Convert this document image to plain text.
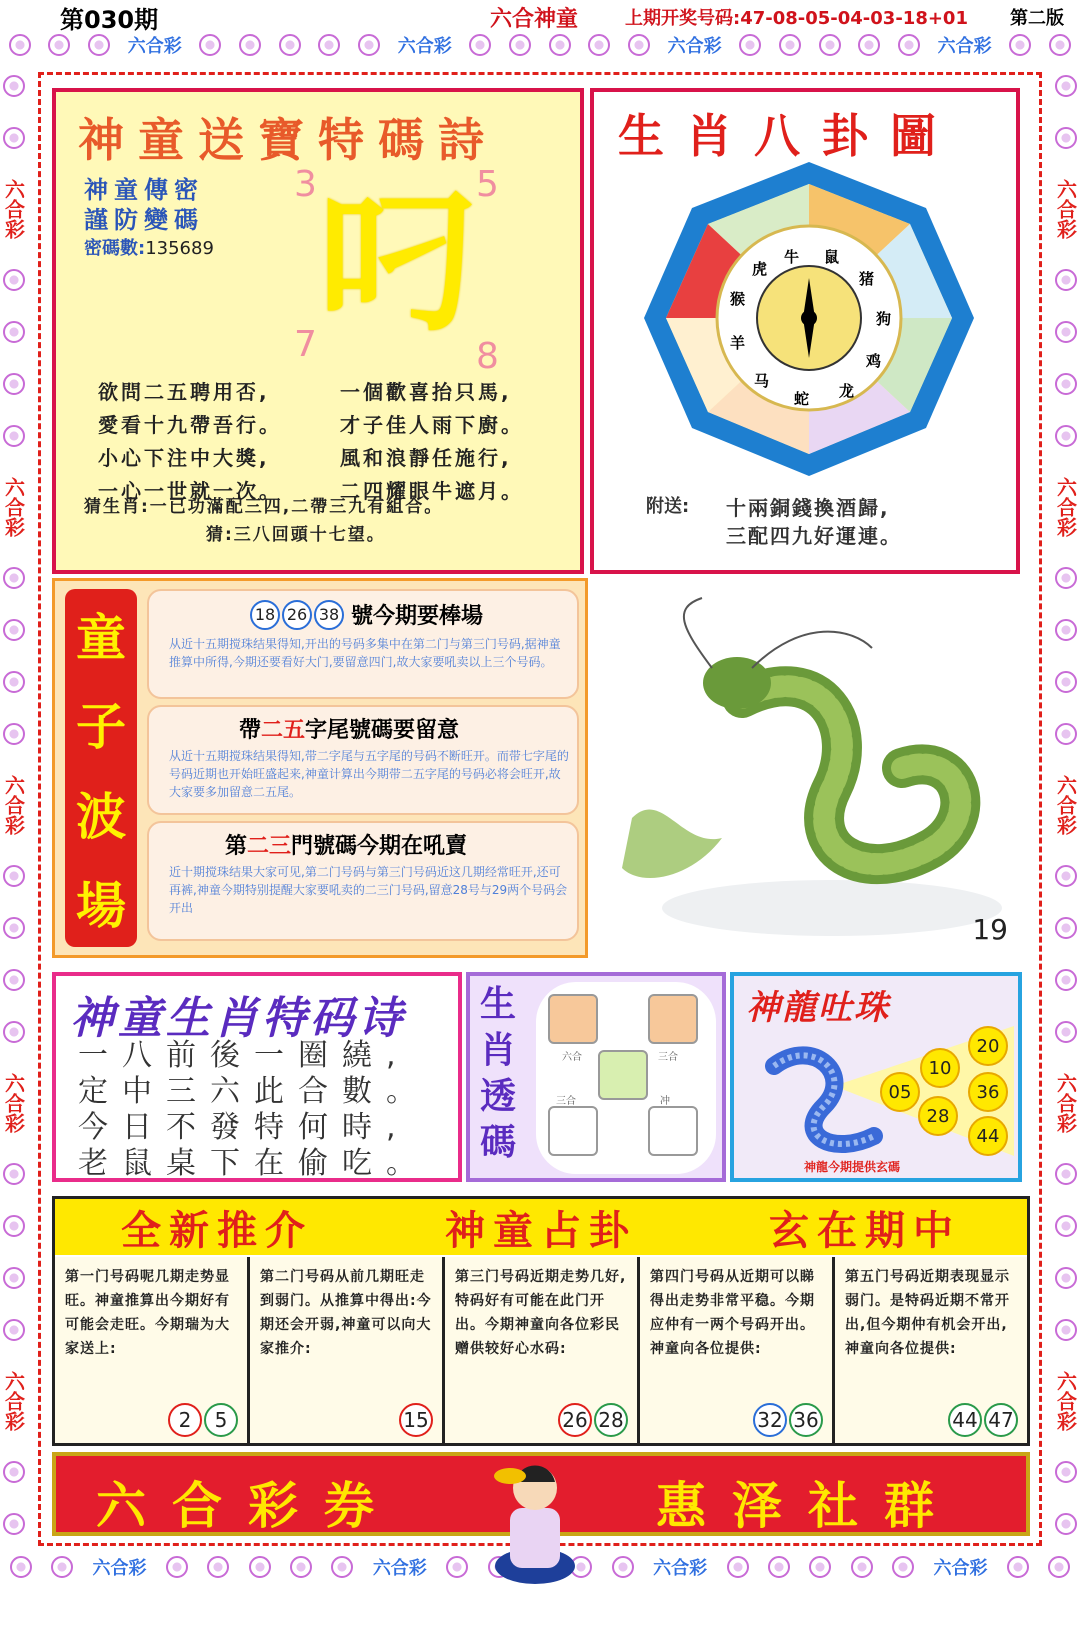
第030期	六合神童	上期开奖号码:47-08-05-04-03-18+01 第二版
六合彩	六合彩	六合彩	六合彩
六合彩	六合彩	六合彩	六合彩
六合彩
六合彩
六合彩
六合彩
六合彩
六合彩
六合彩
六合彩
六合彩
六合彩
神童送寶特碼詩
神童傳密
謹防變碼
密碼數:135689
3	5
7	8
叼
欲問二五聘用否,
愛看十九帶吾行。
小心下注中大獎,
一心一世就一次。
一個歡喜抬只馬,
才子佳人雨下廚。
風和浪靜任施行,
二四耀眼牛遮月。
猜生肖:一已功滿配三四,二帶三九有組合。
猜:三八回頭十七望。
生肖八卦圖
牛 鼠
猪
狗
鸡
龙
蛇
马
羊
猴
虎
附送: 十兩銅錢換酒歸,
三配四九好運連。
童
子
波
場
18 26 38 號今期要棒場
从近十五期搅珠结果得知,开出的号码多集中在第二门与第三门号码,据神童推算中所得,今期还要看好大门,要留意四门,故大家要吼卖以上三个号码。
帶二五字尾號碼要留意
从近十五期搅珠结果得知,带二字尾与五字尾的号码不断旺开。而带七字尾的号码近期也开始旺盛起来,神童计算出今期带二五字尾的号码必将会旺开,故大家要多加留意二五尾。
第二三門號碼今期在吼賣
近十期搅珠结果大家可见,第二门号码与第三门号码近这几期经常旺开,还可再裤,神童今期特别提醒大家要吼卖的二三门号码,留意28号与29两个号码会开出
19
神童生肖特码诗
一八前後一圈繞,
定中三六此合數。
今日不發特何時,
老鼠桌下在偷吃。
生
肖
透
碼
六合	三合
三合	冲
神龍吐珠
20
10
36
05
28
44
神龍今期提供玄碼
全新推介	神童占卦	玄在期中
第一门号码呢几期走势显旺。神童推算出今期好有可能会走旺。今期瑞为大家送上:
2	5
第二门号码从前几期旺走到弱门。从推算中得出:今期还会开弱,神童可以向大家推介:
15
第三门号码近期走势几好,特码好有可能在此门开出。今期神童向各位彩民赠供较好心水码:
26 28
第四门号码从近期可以睇得出走势非常平稳。今期应仲有一两个号码开出。神童向各位提供:
32 36
第五门号码近期表现显示弱门。是特码近期不常开出,但今期仲有机会开出,神童向各位提供:
44 47
六合彩券	惠泽社群
